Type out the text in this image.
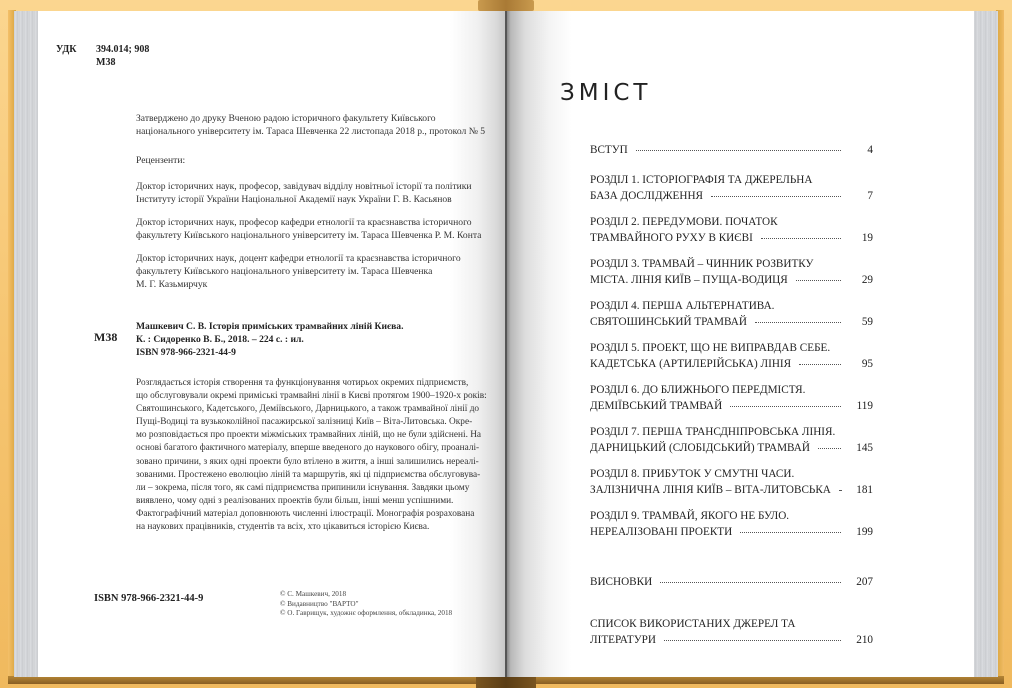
УДК	394.014; 908
М38
Затверджено до друку Вченою радою історичного факультету Київського
національного університету ім. Тараса Шевченка 22 листопада 2018 р., протокол № 5
Рецензенти:
Доктор історичних наук, професор, завідувач відділу новітньої історії та політики
Інституту історії України Національної Академії наук України Г. В. Касьянов
Доктор історичних наук, професор кафедри етнології та краєзнавства історичного
факультету Київського національного університету ім. Тараса Шевченка Р. М. Конта
Доктор історичних наук, доцент кафедри етнології та краєзнавства історичного
факультету Київського національного університету ім. Тараса Шевченка
М. Г. Казьмирчук
М38
Машкевич С. В. Історія приміських трамвайних ліній Києва.
К. : Сидоренко В. Б., 2018. – 224 с. : ил.
ISBN 978-966-2321-44-9
Розглядається історія створення та функціонування чотирьох окремих підприємств,
що обслуговували окремі приміські трамвайні лінії в Києві протягом 1900–1920-х років:
Святошинського, Кадетського, Деміївського, Дарницького, а також трамвайної лінії до
Пущі-Водиці та вузькоколійної пасажирської залізниці Київ – Віта-Литовська. Окре-
мо розповідається про проекти міжміських трамвайних ліній, що не були здійснені. На
основі багатого фактичного матеріалу, вперше введеного до наукового обігу, проаналі-
зовано причини, з яких одні проекти було втілено в життя, а інші залишились нереалі-
зованими. Простежено еволюцію ліній та маршрутів, які ці підприємства обслуговува-
ли – зокрема, після того, як самі підприємства припинили існування. Завдяки цьому
виявлено, чому одні з реалізованих проектів були більш, інші менш успішними.
Фактографічний матеріал доповнюють численні ілюстрації. Монографія розрахована
на наукових працівників, студентів та всіх, хто цікавиться історією Києва.
ISBN 978-966-2321-44-9	© С. Машкевич, 2018
© Видавництво "ВАРТО"
© О. Гаврищук, художнє оформлення, обкладинка, 2018
ЗМІСТ
ВСТУП	4
РОЗДІЛ 1. ІСТОРІОГРАФІЯ ТА ДЖЕРЕЛЬНА
БАЗА ДОСЛІДЖЕННЯ	7
РОЗДІЛ 2. ПЕРЕДУМОВИ. ПОЧАТОК
ТРАМВАЙНОГО РУХУ В КИЄВІ	19
РОЗДІЛ 3. ТРАМВАЙ – ЧИННИК РОЗВИТКУ
МІСТА. ЛІНІЯ КИЇВ – ПУЩА-ВОДИЦЯ	29
РОЗДІЛ 4. ПЕРША АЛЬТЕРНАТИВА.
СВЯТОШИНСЬКИЙ ТРАМВАЙ	59
РОЗДІЛ 5. ПРОЕКТ, ЩО НЕ ВИПРАВДАВ СЕБЕ.
КАДЕТСЬКА (АРТИЛЕРІЙСЬКА) ЛІНІЯ	95
РОЗДІЛ 6. ДО БЛИЖНЬОГО ПЕРЕДМІСТЯ.
ДЕМІЇВСЬКИЙ ТРАМВАЙ	119
РОЗДІЛ 7. ПЕРША ТРАНСДНІПРОВСЬКА ЛІНІЯ.
ДАРНИЦЬКИЙ (СЛОБІДСЬКИЙ) ТРАМВАЙ	145
РОЗДІЛ 8. ПРИБУТОК У СМУТНІ ЧАСИ.
ЗАЛІЗНИЧНА ЛІНІЯ КИЇВ – ВІТА-ЛИТОВСЬКА	181
РОЗДІЛ 9. ТРАМВАЙ, ЯКОГО НЕ БУЛО.
НЕРЕАЛІЗОВАНІ ПРОЕКТИ	199
ВИСНОВКИ	207
СПИСОК ВИКОРИСТАНИХ ДЖЕРЕЛ ТА
ЛІТЕРАТУРИ	210
